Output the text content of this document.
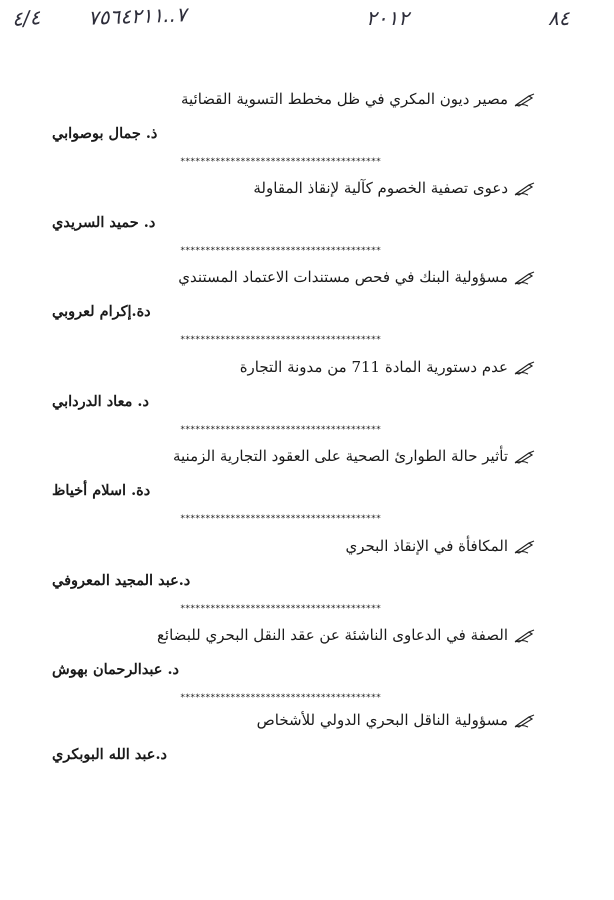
٤/٤ ٧..٧٥٦٤٢١١	٢٠١٢	٨٤
مصير ديون المكري في ظل مخطط التسوية القضائية
ذ. جمال بوصوابي
****************************************
دعوى تصفية الخصوم كآلية لإنقاذ المقاولة
د. حميد السريدي
****************************************
مسؤولية البنك في فحص مستندات الاعتماد المستندي
دة.إكرام لعروبي
****************************************
عدم دستورية المادة 711 من مدونة التجارة
د. معاد الدردابي
****************************************
تأثير حالة الطوارئ الصحية على العقود التجارية الزمنية
دة. اسلام أخياظ
****************************************
المكافأة في الإنقاذ البحري
د.عبد المجيد المعروفي
****************************************
الصفة في الدعاوى الناشئة عن عقد النقل البحري للبضائع
د. عبدالرحمان بهوش
****************************************
مسؤولية الناقل البحري الدولي للأشخاص
د.عبد الله البوبكري
